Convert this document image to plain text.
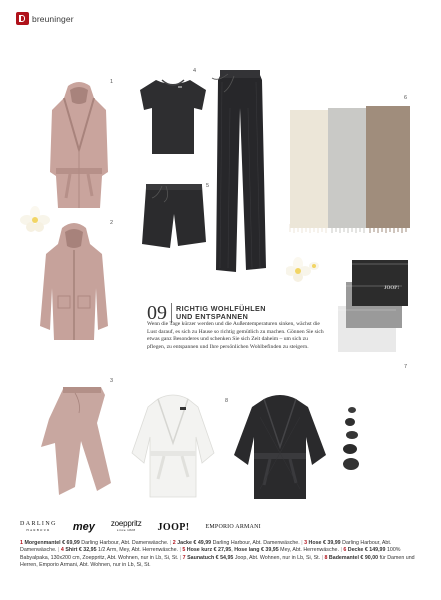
breuninger
1
2
3
4
5
6
7
8
JOOP!
09 RICHTIG WOHLFÜHLEN UND ENTSPANNEN
Wenn die Tage kürzer werden und die Außentemperaturen sinken, wächst die Lust darauf, es sich zu Hause so richtig gemütlich zu machen. Gönnen Sie sich etwas ganz Besonderes und schenken Sie sich Zeit daheim – um sich zu pflegen, zu entspannen und Ihre persönlichen Wohlbefinden zu steigern.
DARLING
HARBOUR	mey zoeppritz
since 1828	JOOP!	EMPORIO ARMANI
1 Morgenmantel € 69,99 Darling Harbour, Abt. Damenwäsche. | 2 Jacke € 49,99 Darling Harbour, Abt. Damenwäsche. | 3 Hose € 39,99 Darling Harbour, Abt. Damenwäsche. | 4 Shirt € 32,95 1/2 Arm, Mey, Abt. Herrenwäsche. | 5 Hose kurz € 27,95, Hose lang € 39,95 Mey, Abt. Herrenwäsche. | 6 Decke € 149,99 100% Babyalpaka, 130x200 cm, Zoeppritz, Abt. Wohnen, nur in Lb, Si, St. | 7 Saunatuch € 54,95 Joop, Abt. Wohnen, nur in Lb, Si, St. | 8 Bademantel € 90,00 für Damen und Herren, Emporio Armani, Abt. Wohnen, nur in Lb, Si, St.
